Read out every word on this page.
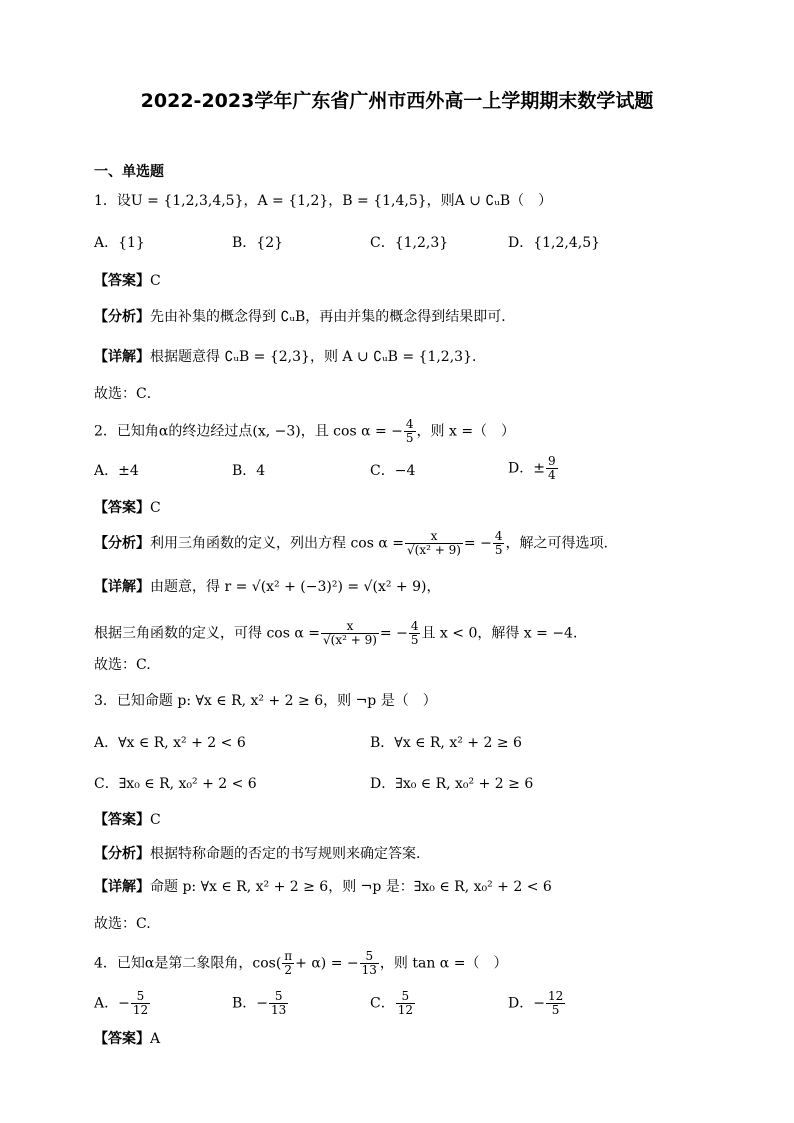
2022-2023学年广东省广州市西外高一上学期期末数学试题
一、单选题
1．设U = {1,2,3,4,5}，A = {1,2}，B = {1,4,5}，则A ∪ ∁ᵤB（　）
A．{1}	B．{2}	C．{1,2,3}	D．{1,2,4,5}
【答案】C
【分析】先由补集的概念得到 ∁ᵤB，再由并集的概念得到结果即可．
【详解】根据题意得 ∁ᵤB = {2,3}，则 A ∪ ∁ᵤB = {1,2,3}．
故选：C．
2．已知角α的终边经过点(x, −3)，且 cos α = − $\frac{4}{5}$ ，则 x =（　）
A．±4	B．4	C．−4	D．± $\frac{9}{4}$
【答案】C
【分析】利用三角函数的定义，列出方程 $\cos \alpha = \frac{x}{\text{√(x² + 9)}}$ = − $\frac{4}{5}$ ，解之可得选项.
【详解】由题意，得 r = √(x² + (−3)²) = √(x² + 9)，
根据三角函数的定义，可得 $\cos \alpha = \frac{x}{\text{√(x² + 9)}}$ = − $\frac{4}{5}$ 且 x < 0，解得 x = −4．
故选：C.
3．已知命题 p: ∀x ∈ R, x² + 2 ≥ 6，则 ¬p 是（　）
A．∀x ∈ R, x² + 2 < 6	B．∀x ∈ R, x² + 2 ≥ 6
C．∃x₀ ∈ R, x₀² + 2 < 6	D．∃x₀ ∈ R, x₀² + 2 ≥ 6
【答案】C
【分析】根据特称命题的否定的书写规则来确定答案.
【详解】命题 p: ∀x ∈ R, x² + 2 ≥ 6，则 ¬p 是：∃x₀ ∈ R, x₀² + 2 < 6
故选：C.
4．已知α是第二象限角，$\cos( \frac{\pi}{2} + \alpha)$ = − $\frac{5}{13}$ ，则 tan α =（　）
A．− $\frac{5}{12}$	B．− $\frac{5}{13}$	C． $\frac{5}{12}$	D．− $\frac{12}{5}$
【答案】A
